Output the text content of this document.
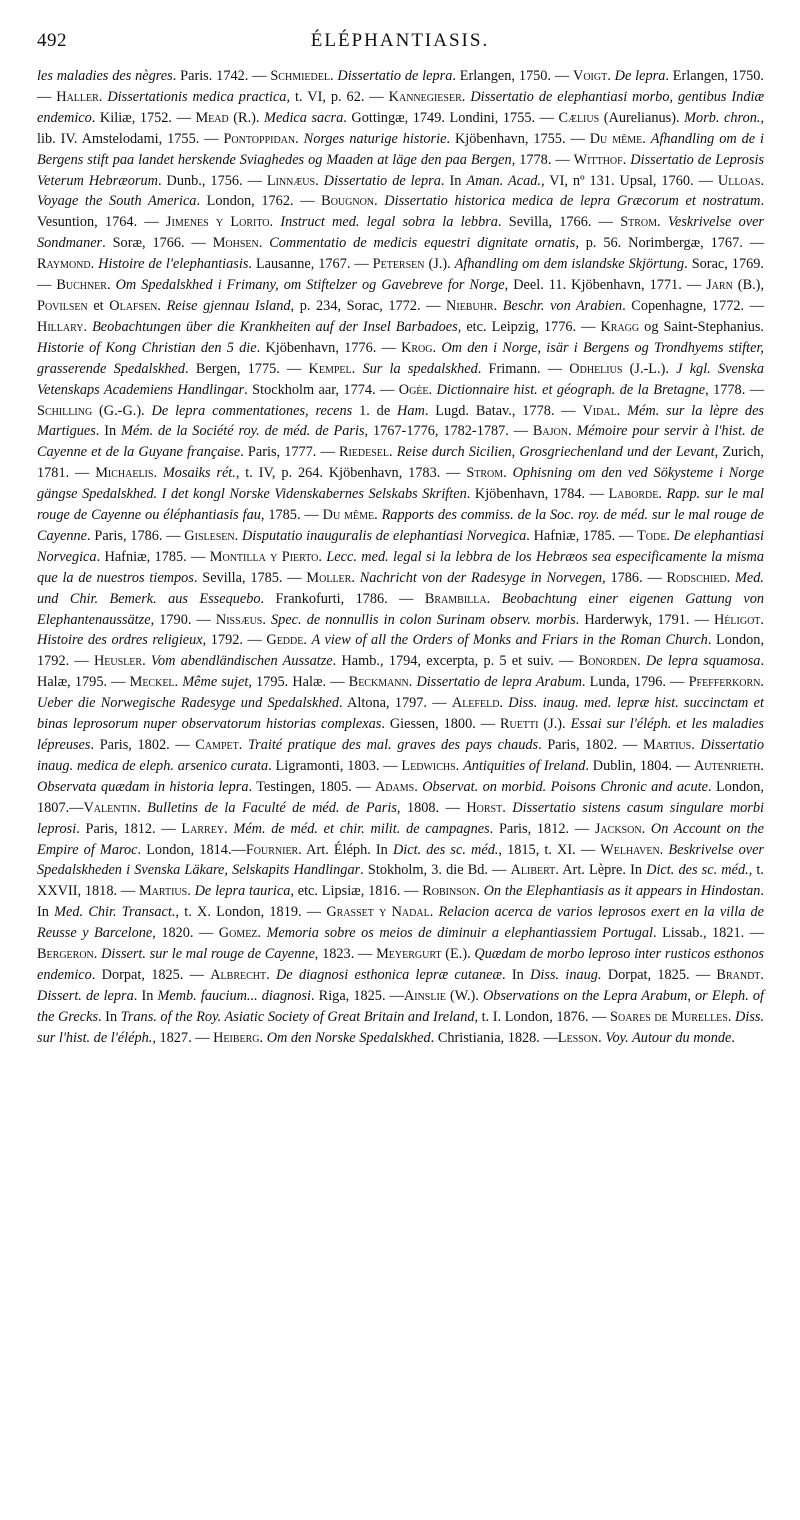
492	ÉLÉPHANTIASIS.
les maladies des nègres. Paris. 1742. — Schmiedel. Dissertatio de lepra. Erlangen, 1750. — Voigt. De lepra. Erlangen, 1750. — Haller. Dissertationis medica practica, t. VI, p. 62. — Kannegieser. Dissertatio de elephantiasi morbo, gentibus Indiæ endemico. Kiliæ, 1752. — Mead (R.). Medica sacra. Gottingæ, 1749. Londini, 1755. — Cælius (Aurelianus). Morb. chron., lib. IV. Amstelodami, 1755. — Pontoppidan. Norges naturige historie. Kjöbenhavn, 1755. — Du même. Afhandling om de i Bergens stift paa landet herskende Sviaghedes og Maaden at läge den paa Bergen, 1778. — Witthof. Dissertatio de Leprosis Veterum Hebræorum. Dunb., 1756. — Linnæus. Dissertatio de lepra. In Aman. Acad., VI, nº 131. Upsal, 1760. — Ulloas. Voyage the South America. London, 1762. — Bougnon. Dissertatio historica medica de lepra Græcorum et nostratum. Vesuntion, 1764. — Jimenes y Lorito. Instruct med. legal sobra la lebbra. Sevilla, 1766. — Strom. Veskrivelse over Sondmaner. Soræ, 1766. — Mohsen. Commentatio de medicis equestri dignitate ornatis, p. 56. Norimbergæ, 1767. — Raymond. Histoire de l'elephantiasis. Lausanne, 1767. — Petersen (J.). Afhandling om dem islandske Skjörtung. Sorac, 1769. — Buchner. Om Spedalskhed i Frimany, om Stiftelzer og Gavebreve for Norge, Deel. 11. Kjöbenhavn, 1771. — Jarn (B.), Povilsen et Olafsen. Reise gjennau Island, p. 234, Sorac, 1772. — Niebuhr. Beschr. von Arabien. Copenhagne, 1772. — Hillary. Beobachtungen über die Krankheiten auf der Insel Barbadoes, etc. Leipzig, 1776. — Kragg og Saint-Stephanius. Historie of Kong Christian den 5 die. Kjöbenhavn, 1776. — Krog. Om den i Norge, isär i Bergens og Trondhyems stifter, grasserende Spedalskhed. Bergen, 1775. — Kempel. Sur la spedalskhed. Frimann. — Odhelius (J.-L.). J kgl. Svenska Vetenskaps Academiens Handlingar. Stockholm aar, 1774. — Ogée. Dictionnaire hist. et géograph. de la Bretagne, 1778. — Schilling (G.-G.). De lepra commentationes, recens 1. de Ham. Lugd. Batav., 1778. — Vidal. Mém. sur la lèpre des Martigues. In Mém. de la Société roy. de méd. de Paris, 1767-1776, 1782-1787. — Bajon. Mémoire pour servir à l'hist. de Cayenne et de la Guyane française. Paris, 1777. — Riedesel. Reise durch Sicilien, Grosgriechenland und der Levant, Zurich, 1781. — Michaelis. Mosaiks rét., t. IV, p. 264. Kjöbenhavn, 1783. — Strom. Ophisning om den ved Sökysteme i Norge gängse Spedalskhed. I det kongl Norske Videnskabernes Selskabs Skriften. Kjöbenhavn, 1784. — Laborde. Rapp. sur le mal rouge de Cayenne ou éléphantiasis fau, 1785. — Du même. Rapports des commiss. de la Soc. roy. de méd. sur le mal rouge de Cayenne. Paris, 1786. — Gislesen. Disputatio inauguralis de elephantiasi Norvegica. Hafniæ, 1785. — Tode. De elephantiasi Norvegica. Hafniæ, 1785. — Montilla y Pierto. Lecc. med. legal si la lebbra de los Hebræos sea especificamente la misma que la de nuestros tiempos. Sevilla, 1785. — Moller. Nachricht von der Radesyge in Norvegen, 1786. — Rodschied. Med. und Chir. Bemerk. aus Essequebo. Frankofurti, 1786. — Brambilla. Beobachtung einer eigenen Gattung von Elephantenaussätze, 1790. — Nissæus. Spec. de nonnullis in colon Surinam observ. morbis. Harderwyk, 1791. — Héligot. Histoire des ordres religieux, 1792. — Gedde. A view of all the Orders of Monks and Friars in the Roman Church. London, 1792. — Heusler. Vom abendländischen Aussatze. Hamb., 1794, excerpta, p. 5 et suiv. — Bonorden. De lepra squamosa. Halæ, 1795. — Meckel. Même sujet, 1795. Halæ. — Beckmann. Dissertatio de lepra Arabum. Lunda, 1796. — Pfefferkorn. Ueber die Norwegische Radesyge und Spedalskhed. Altona, 1797. — Alefeld. Diss. inaug. med. lepræ hist. succinctam et binas leprosorum nuper observatorum historias complexas. Giessen, 1800. — Ruetti (J.). Essai sur l'éléph. et les maladies lépreuses. Paris, 1802. — Campet. Traité pratique des mal. graves des pays chauds. Paris, 1802. — Martius. Dissertatio inaug. medica de eleph. arsenico curata. Ligramonti, 1803. — Ledwichs. Antiquities of Ireland. Dublin, 1804. — Autenrieth. Observata quædam in historia lepra. Testingen, 1805. — Adams. Observat. on morbid. Poisons Chronic and acute. London, 1807.—Valentin. Bulletins de la Faculté de méd. de Paris, 1808. — Horst. Dissertatio sistens casum singulare morbi leprosi. Paris, 1812. — Larrey. Mém. de méd. et chir. milit. de campagnes. Paris, 1812. — Jackson. On Account on the Empire of Maroc. London, 1814.—Fournier. Art. Éléph. In Dict. des sc. méd., 1815, t. XI. — Welhaven. Beskrivelse over Spedalskheden i Svenska Läkare, Selskapits Handlingar. Stokholm, 3. die Bd. — Alibert. Art. Lèpre. In Dict. des sc. méd., t. XXVII, 1818. — Martius. De lepra taurica, etc. Lipsiæ, 1816. — Robinson. On the Elephantiasis as it appears in Hindostan. In Med. Chir. Transact., t. X. London, 1819. — Grasset y Nadal. Relacion acerca de varios leprosos exert en la villa de Reusse y Barcelone, 1820. — Gomez. Memoria sobre os meios de diminuir a elephantiassiem Portugal. Lissab., 1821. — Bergeron. Dissert. sur le mal rouge de Cayenne, 1823. — Meyergurt (E.). Quædam de morbo leproso inter rusticos esthonos endemico. Dorpat, 1825. — Albrecht. De diagnosi esthonica lepræ cutaneæ. In Diss. inaug. Dorpat, 1825. — Brandt. Dissert. de lepra. In Memb. faucium... diagnosi. Riga, 1825. —Ainslie (W.). Observations on the Lepra Arabum, or Eleph. of the Grecks. In Trans. of the Roy. Asiatic Society of Great Britain and Ireland, t. I. London, 1876. — Soares de Murelles. Diss. sur l'hist. de l'éléph., 1827. — Heiberg. Om den Norske Spedalskhed. Christiania, 1828. —Lesson. Voy. Autour du monde.
